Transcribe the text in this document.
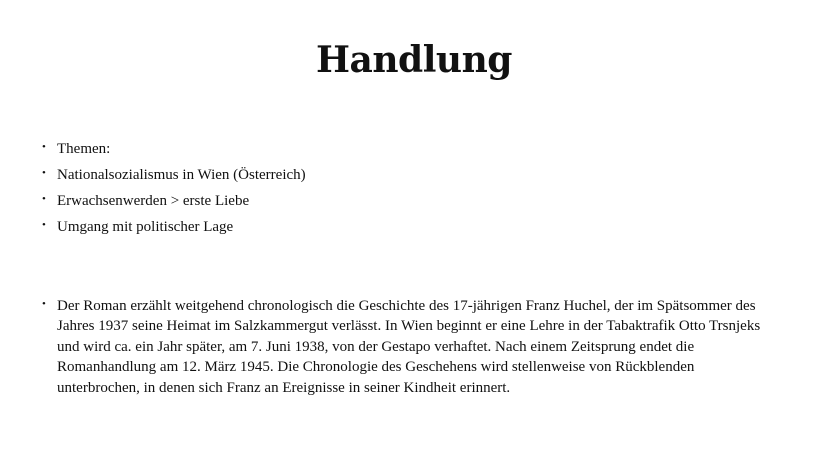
Handlung
• Themen:
• Nationalsozialismus in Wien (Österreich)
• Erwachsenwerden > erste Liebe
• Umgang mit politischer Lage
• Der Roman erzählt weitgehend chronologisch die Geschichte des 17-jährigen Franz Huchel, der im Spätsommer des
Jahres 1937 seine Heimat im Salzkammergut verlässt. In Wien beginnt er eine Lehre in der Tabaktrafik Otto Trsnjeks
und wird ca. ein Jahr später, am 7. Juni 1938, von der Gestapo verhaftet. Nach einem Zeitsprung endet die
Romanhandlung am 12. März 1945. Die Chronologie des Geschehens wird stellenweise von Rückblenden
unterbrochen, in denen sich Franz an Ereignisse in seiner Kindheit erinnert.
